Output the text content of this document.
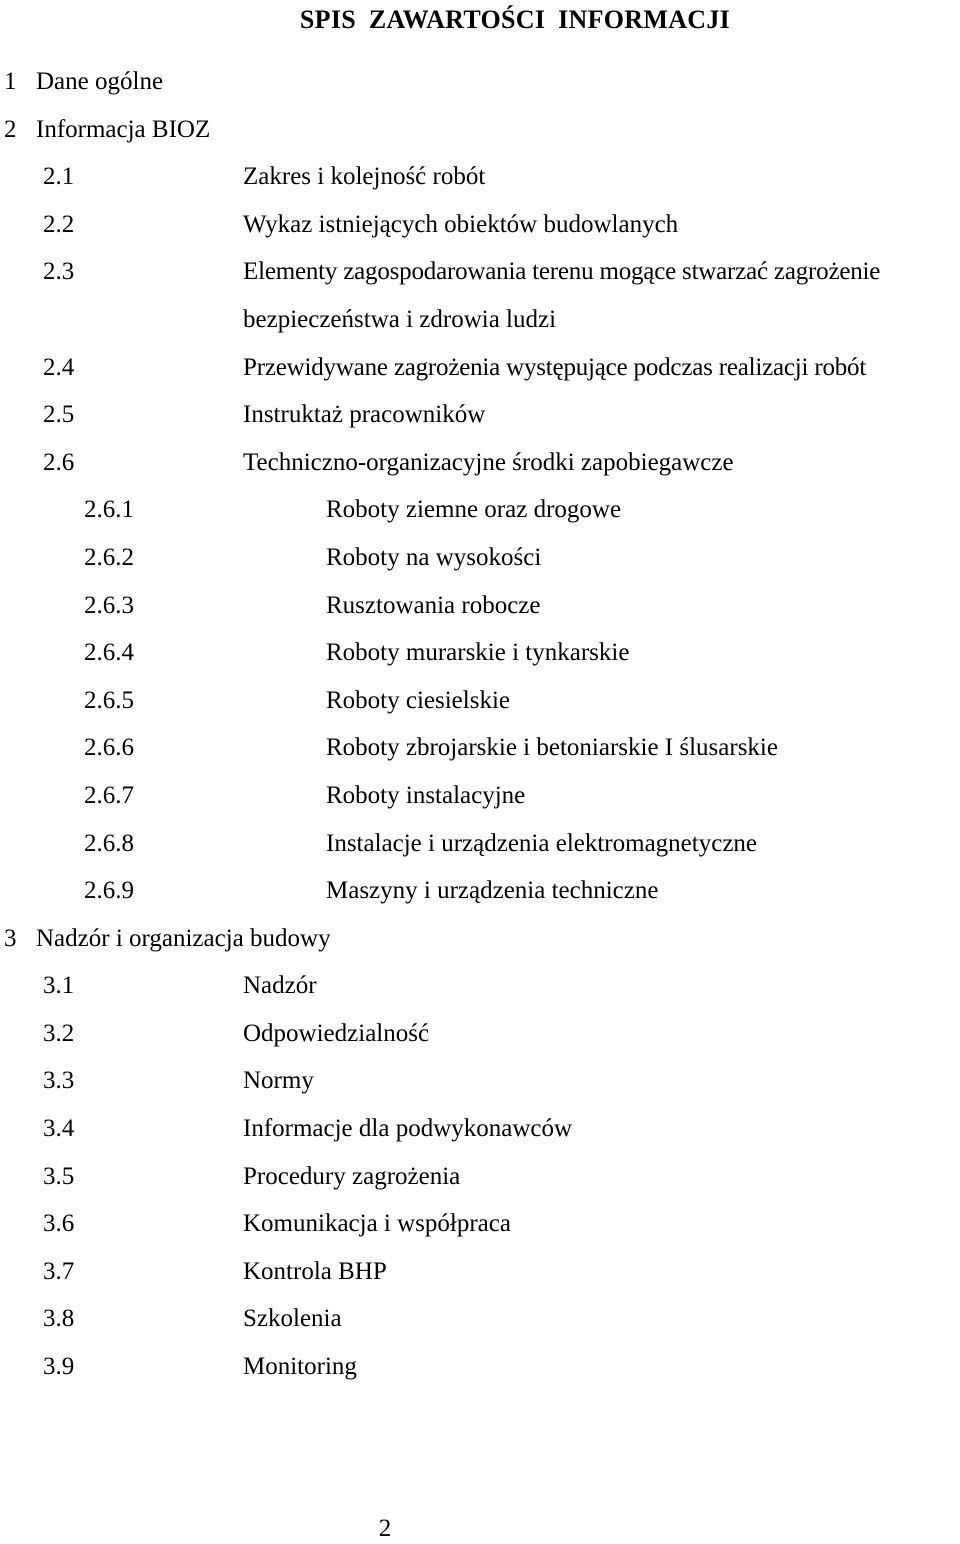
SPIS ZAWARTOŚCI INFORMACJI
1 Dane ogólne
2 Informacja BIOZ
2.1	Zakres i kolejność robót
2.2	Wykaz istniejących obiektów budowlanych
2.3	Elementy zagospodarowania terenu mogące stwarzać zagrożenie
bezpieczeństwa i zdrowia ludzi
2.4	Przewidywane zagrożenia występujące podczas realizacji robót
2.5	Instruktaż pracowników
2.6	Techniczno-organizacyjne środki zapobiegawcze
2.6.1	Roboty ziemne oraz drogowe
2.6.2	Roboty na wysokości
2.6.3	Rusztowania robocze
2.6.4	Roboty murarskie i tynkarskie
2.6.5	Roboty ciesielskie
2.6.6	Roboty zbrojarskie i betoniarskie I ślusarskie
2.6.7	Roboty instalacyjne
2.6.8	Instalacje i urządzenia elektromagnetyczne
2.6.9	Maszyny i urządzenia techniczne
3 Nadzór i organizacja budowy
3.1	Nadzór
3.2	Odpowiedzialność
3.3	Normy
3.4	Informacje dla podwykonawców
3.5	Procedury zagrożenia
3.6	Komunikacja i współpraca
3.7	Kontrola BHP
3.8	Szkolenia
3.9	Monitoring
2
